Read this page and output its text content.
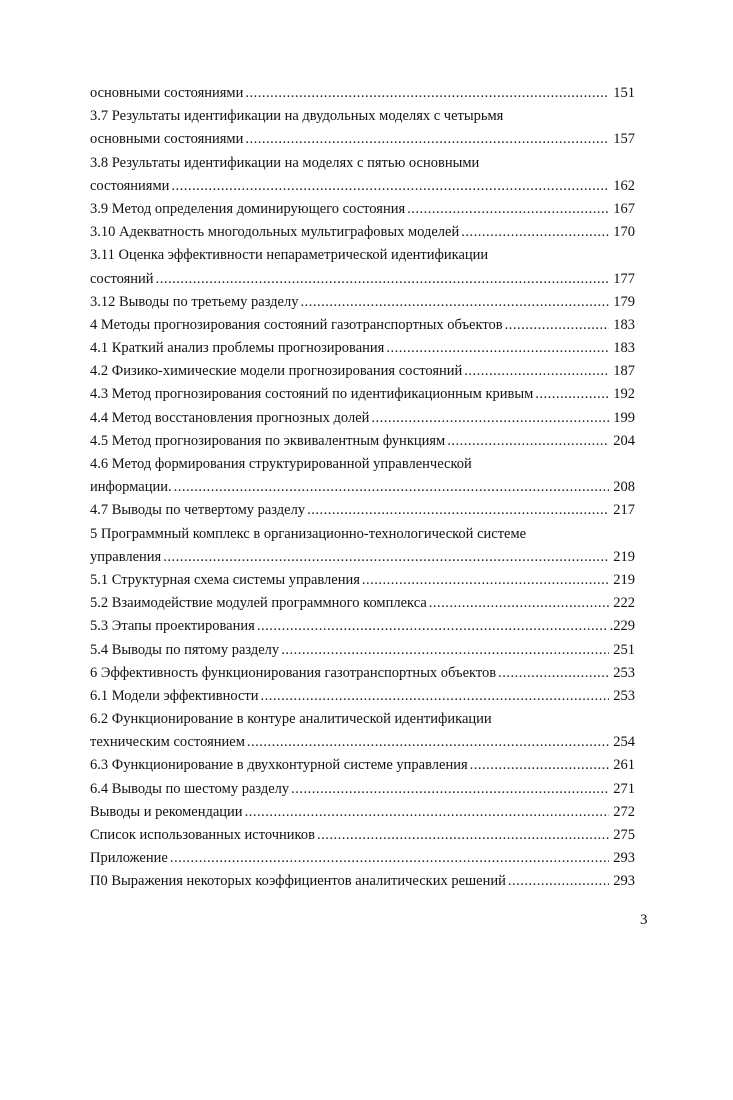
основными состояниями .....	151
3.7 Результаты идентификации на двудольных моделях с четырьмя
основными состояниями .....	157
3.8 Результаты идентификации на моделях с пятью основными
состояниями .....	162
3.9 Метод определения доминирующего состояния .....	167
3.10 Адекватность многодольных мультиграфовых моделей .....	170
3.11 Оценка эффективности непараметрической идентификации
состояний .....	177
3.12 Выводы по третьему разделу .....	179
4 Методы прогнозирования состояний газотранспортных объектов .....	183
4.1 Краткий анализ проблемы прогнозирования .....	183
4.2 Физико-химические модели прогнозирования состояний .....	187
4.3 Метод прогнозирования состояний по идентификационным кривым .....	192
4.4 Метод восстановления прогнозных долей .....	199
4.5 Метод прогнозирования по эквивалентным функциям .....	204
4.6 Метод формирования структурированной управленческой
информации. .....	208
4.7 Выводы по четвертому разделу .....	217
5 Программный комплекс в организационно-технологической системе
управления .....	219
5.1 Структурная схема системы управления .....	219
5.2 Взаимодействие модулей программного комплекса .....	222
5.3 Этапы проектирования .....	.229
5.4 Выводы по пятому разделу .....	251
6 Эффективность функционирования газотранспортных объектов .....	253
6.1 Модели эффективности .....	253
6.2 Функционирование в контуре аналитической идентификации
техническим состоянием .....	254
6.3 Функционирование в двухконтурной системе управления .....	261
6.4 Выводы по шестому разделу .....	271
Выводы и рекомендации .....	272
Список использованных источников .....	275
Приложение .....	293
П0 Выражения некоторых коэффициентов аналитических решений .....	293
3
